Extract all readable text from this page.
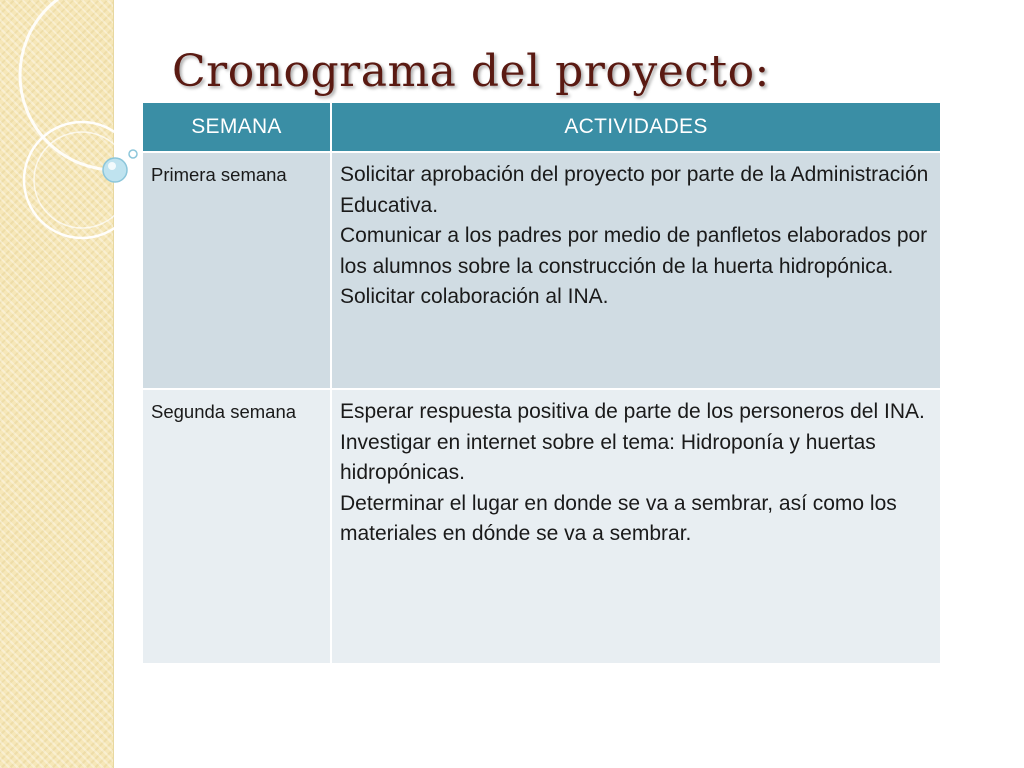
Cronograma del proyecto:
SEMANA	ACTIVIDADES
Primera semana	Solicitar aprobación del proyecto por parte de la Administración Educativa.
Comunicar a los padres por medio de panfletos elaborados por los alumnos sobre la construcción de la huerta hidropónica.
Solicitar colaboración al INA.

Segunda semana	Esperar respuesta positiva de parte de los personeros del INA.
Investigar en internet sobre el tema: Hidroponía y huertas hidropónicas.
Determinar el lugar en donde se va a sembrar, así como los materiales en dónde se va a sembrar.
